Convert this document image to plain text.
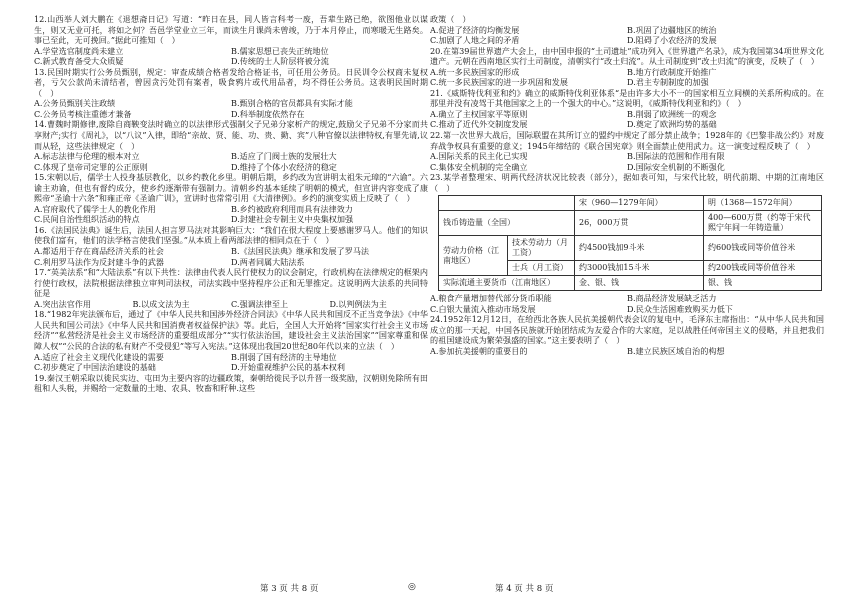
12.山西举人刘大鹏在《退想斋日记》写道：“昨日在县，同人皆言科考一废，吾辈生路已绝，欲图他业以谋生，则又无业可托，将如之何？吾邑学堂业立三年，而读生月课尚未曾竣，乃于本月停止，而寒暖无生路矣。事已至此，无可挽回。”据此可推知（　）

A.学堂选官制度尚未建立	B.儒家思想已丧失正统地位
C.新式教育备受大众质疑	D.传统的士人阶层将被分流

13.民国时期实行公务员甄别，规定：审查成绩合格者发给合格证书，可任用公务员。日民训令公权商未复权者，亏欠公款尚未清结者，曾因贪污处罚有案者，吸食鸦片或代用品者，均不得任公务员。这表明民国时期（　）

A.公务员甄别关注政绩	B.甄别合格的官员都具有实际才能
C.公务员考核注重德才兼备	D.科举制度依然存在

14.曹魏时期修律,废除自商鞅变法时确立的以法律形式强制父子兄弟分家析产的规定,鼓励父子兄弟不分家而共享财产;实行《周礼》，以“八议”入律，即给“亲故、贤、能、功、贵、勤、宾”八种官僚以法律特权,有罪先请,议而从轻，这些法律规定（　）

A.标志法律与伦理的根本对立	B.适应了门阀士族的发展壮大
C.体现了皇帝司定罪的公正原则	D.维持了个体小农经济的稳定

15.宋朝以后，儒学士人投身基层教化，以乡约教化乡里。明朝后期，乡约改为宣讲明太祖朱元璋的“六谕”。六谕主劝谕，但也有督约成分，使乡约逐渐带有强制力。清朝乡约基本延续了明朝的模式，但宣讲内容变成了康熙帝“圣谕十六条”和雍正帝《圣谕广训》，宣讲时也常常引用《大清律例》。乡约的演变实质上反映了（　）

A.官府取代了儒学士人的教化作用	B.乡约被政府利用而具有法律效力
C.民间自治性组织活动的特点	D.封建社会专制主义中央集权加强

16.《法国民法典》诞生后，法国人担言罗马法对其影响巨大：“我们在很大程度上要感谢罗马人。他们的知识使我们富有，他们的法学格言使我们坚强。”从本质上看两部法律的相同点在于（　）

A.都适用于存在商品经济关系的社会	B.《法国民法典》继承和发展了罗马法
C.利用罗马法作为反封建斗争的武器	D.两者同属大陆法系

17.“英美法系”和“大陆法系”有以下共性：法律由代表人民行使权力的议会制定，行政机构在法律规定的框架内行使行政权，法院根据法律独立审判司法权，司法实践中坚持程序公正和无罪推定。这说明两大法系的共同特征是

A.突出法官作用	B.以成文法为主	C.强调法律至上	D.以判例法为主

18.“1982年宪法颁布后，通过了《中华人民共和国涉外经济合同法》《中华人民共和国反不正当竞争法》《中华人民共和国公司法》《中华人民共和国消费者权益保护法》等。此后，全国人大开始将“国家实行社会主义市场经济”“私营经济是社会主义市场经济的重要组成部分”“实行依法治国，建设社会主义法治国家”“国家尊重和保障人权”“公民的合法的私有财产不受侵犯”等写入宪法。”这体现出我国20世纪80年代以来的立法（　）

A.适应了社会主义现代化建设的需要	B.削弱了国有经济的主导地位
C.初步奠定了中国法治建设的基础	D.开始重视维护公民的基本权利

19.秦汉王朝采取以徙民实边、屯田为主要内容的边疆政策，秦朝给徙民予以升晋一级奖励，汉朝则免除所有田租和人头税，并赐给一定数量的土地、农具、牧畜和籽种.这些

政策（　）

A.促进了经济的均衡发展	B.巩固了边疆地区的统治
C.加剧了人地之间的矛盾	D.阻碍了小农经济的发展

20.在第39届世界遗产大会上，由中国申报的“土司遗址”成功列入《世界遗产名录》，成为我国第34项世界文化遗产。元朝在西南地区实行土司制度，清朝实行“改土归流”。从土司制度到“改土归流”的演变，反映了（　）

A.统一多民族国家的形成	B.地方行政制度开始推广
C.统一多民族国家的进一步巩固和发展	D.君主专制制度的加强

21.《威斯特伐利亚和约》确立的威斯特伐利亚体系“是由许多大小不一的国家相互立间横的关系所构成的。在那里并没有凌驾于其他国家之上的一个强大的中心。”这说明，《威斯特伐利亚和约》（　）

A.确立了主权国家平等原则	B.削弱了欧洲统一的观念
C.推动了近代外交制度发展	D.奠定了欧洲均势的基础

22.第一次世界大战后，国际联盟在其所订立的盟约中规定了部分禁止战争；1928年的《巴黎非战公约》对废弃战争权具有重要的意义；1945年缔结的《联合国宪章》则全面禁止使用武力。这一演变过程反映了（　）

A.国际关系的民主化已实现	B.国际法的范围和作用有限
C.集体安全机制的完全确立	D.国际安全机制的不断强化

23.某学者整理宋、明两代经济状况比较表（部分），据如表可知，与宋代比较，明代前期、中期的江南地区（　）

		宋（960—1279年间）	明（1368—1572年间）
钱币铸造量（全国）		26，000万贯	400—600万贯（约等于宋代熙宁年间一年铸造量）
劳动力价格（江南地区）	技术劳动力（月工资）	约4500钱加9斗米	约600钱或同等价值谷米
	士兵（月工资）	约3000钱加15斗米	约200钱或同等价值谷米
实际流通主要货币（江南地区）		金、银、钱	银、钱
A.粮食产量增加替代部分货币职能	B.商品经济发展缺乏活力
C.白银大量流入推动市场发展	D.民众生活困难致购买力低下

24.1952年12月12日，在给西北各族人民抗美援朝代表会议的复电中，毛泽东主席指出：“从中华人民共和国成立的那一天起，中国各民族就开始团结成为友爱合作的大家庭，足以战胜任何帝国主义的侵略，并且把我们的祖国建设成为繁荣强盛的国家。”这主要表明了（　）

A.参加抗美援朝的重要目的	B.建立民族区域自治的构想
第 3 页 共 8 页	◎	第 4 页 共 8 页
